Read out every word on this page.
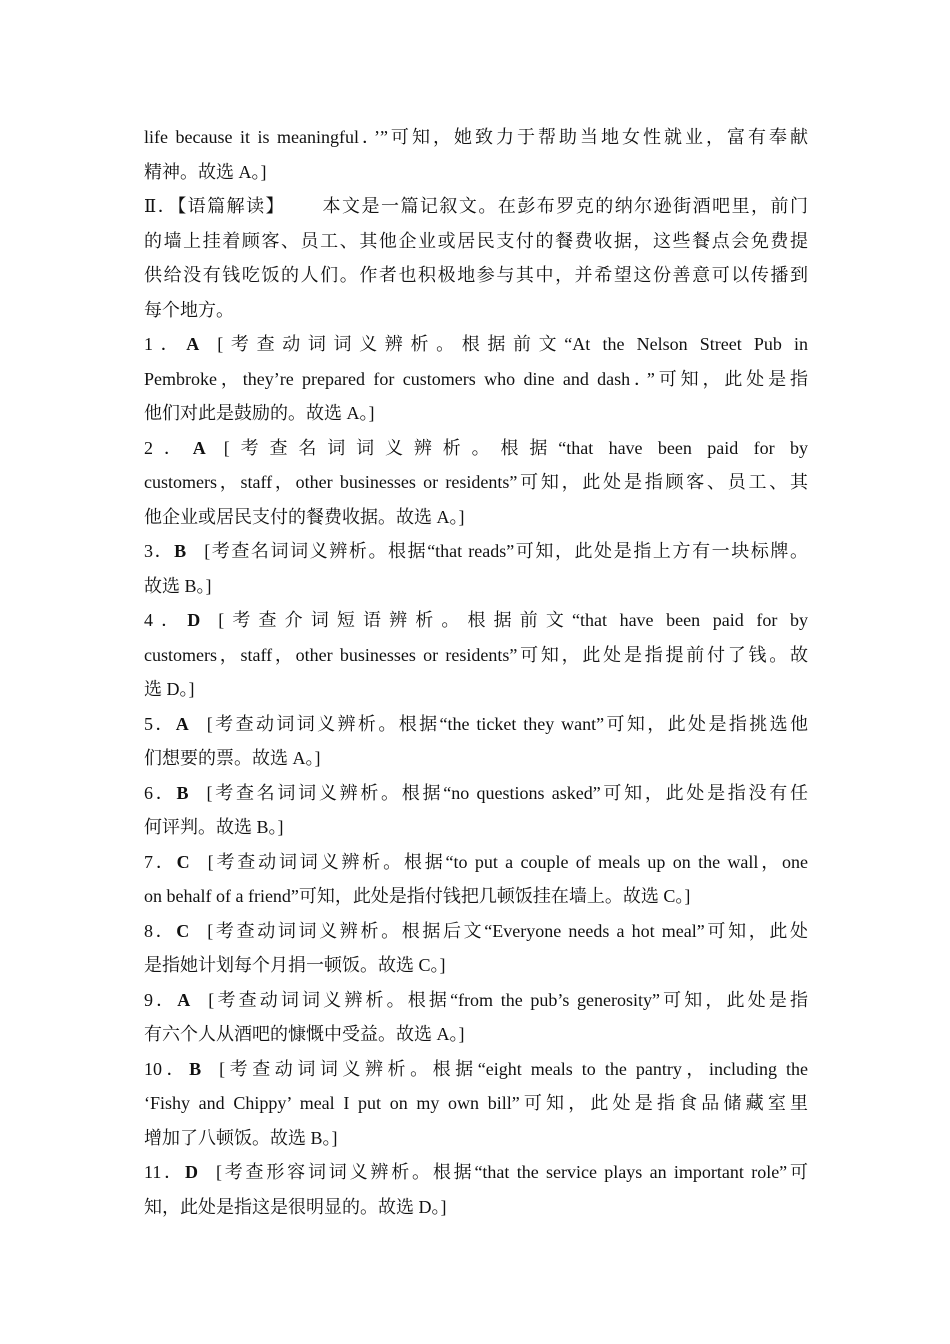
life because it is meaningful．’”可知，她致力于帮助当地女性就业，富有奉献
精神。故选 A。]
Ⅱ．【语篇解读】 本文是一篇记叙文。在彭布罗克的纳尔逊街酒吧里，前门
的墙上挂着顾客、员工、其他企业或居民支付的餐费收据，这些餐点会免费提
供给没有钱吃饭的人们。作者也积极地参与其中，并希望这份善意可以传播到
每个地方。
1．A   [考查动词词义辨析。根据前文“At the Nelson Street Pub in
Pembroke，they’re prepared for customers who dine and dash．”可知，此处是指
他们对此是鼓励的。故选 A。]
2．A   [考查名词词义辨析。根据“that have been paid for by
customers，staff，other businesses or residents”可知，此处是指顾客、员工、其
他企业或居民支付的餐费收据。故选 A。]
3．B   [考查名词词义辨析。根据“that reads”可知，此处是指上方有一块标牌。
故选 B。]
4．D   [考查介词短语辨析。根据前文“that have been paid for by
customers，staff，other businesses or residents”可知，此处是指提前付了钱。故
选 D。]
5．A   [考查动词词义辨析。根据“the ticket they want”可知，此处是指挑选他
们想要的票。故选 A。]
6．B   [考查名词词义辨析。根据“no questions asked”可知，此处是指没有任
何评判。故选 B。]
7．C   [考查动词词义辨析。根据“to put a couple of meals up on the wall，one
on behalf of a friend”可知，此处是指付钱把几顿饭挂在墙上。故选 C。]
8．C   [考查动词词义辨析。根据后文“Everyone needs a hot meal”可知，此处
是指她计划每个月捐一顿饭。故选 C。]
9．A   [考查动词词义辨析。根据“from the pub’s generosity”可知，此处是指
有六个人从酒吧的慷慨中受益。故选 A。]
10．B   [考查动词词义辨析。根据“eight meals to the pantry，including the
‘Fishy and Chippy’ meal I put on my own bill”可知，此处是指食品储藏室里
增加了八顿饭。故选 B。]
11．D   [考查形容词词义辨析。根据“that the service plays an important role”可
知，此处是指这是很明显的。故选 D。]
